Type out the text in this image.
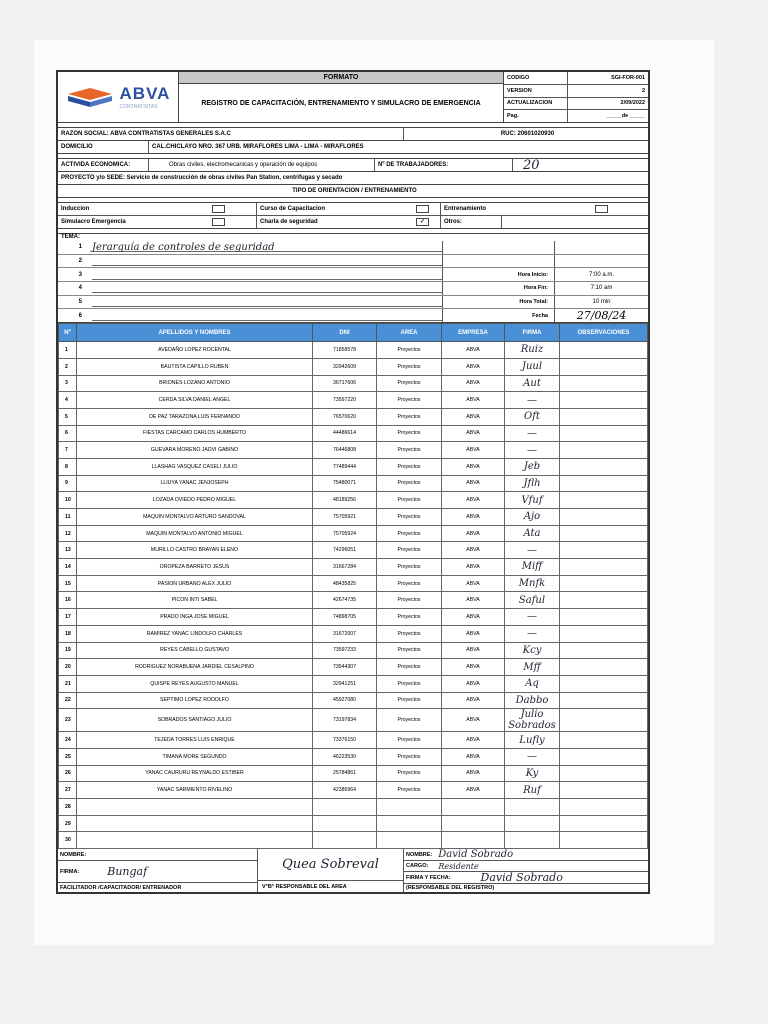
ABVA
CONTRATISTAS
FORMATO
REGISTRO DE CAPACITACIÓN, ENTRENAMIENTO Y SIMULACRO DE EMERGENCIA
CODIGO	SGI-FOR-001
VERSION	2
ACTUALIZACION	2/09/2022
Pag.	_____de _____
RAZON SOCIAL: ABVA CONTRATISTAS GENERALES S.A.C	RUC: 20601020930
DOMICILIO	CAL.CHICLAYO NRO. 367 URB. MIRAFLORES LIMA - LIMA - MIRAFLORES
ACTIVIDA ECONOMICA:	Obras civiles, electromecanicas y operación de equipos	Nº DE TRABAJADORES:	20
PROYECTO y/o SEDE: Servicio de construcción de obras civiles Pan Station, centrifugas y secado
TIPO DE ORIENTACION / ENTRENAMIENTO
Induccion	Curso de Capacitacion	Entrenamiento
Simulacro Emergencia	Charla de seguridad	✓	Otros:
TEMA:
1	Jerarquía de controles de seguridad
2
3	Hora Inicio:	7:00 a.m.
4	Hora Fin:	7:10 am
5	Hora Total:	10 min
6	Fecha	27/08/24
Nº	APELLIDOS Y NOMBRES	DNI	AREA	EMPRESA	FIRMA	OBSERVACIONES
1	AVEDAÑO LOPEZ ROCENTAL	71858578	Proyectos	ABVA	Ruiz	
2	BAUTISTA CAPILLO RUBEN	32942609	Proyectos	ABVA	Juul	
3	BRIONES LOZANO ANTONIO	36717606	Proyectos	ABVA	Aut	
4	CERDA SILVA DANIEL ANGEL	73597220	Proyectos	ABVA	—	
5	DE PAZ TARAZONA LUIS FERNANDO	76570620	Proyectos	ABVA	Oft	
6	FIESTAS CARCAMO CARLOS HUMBERTO	44486614	Proyectos	ABVA	—	
7	GUEVARA MORENO JADVI GABINO	76446808	Proyectos	ABVA	—	
8	LLASHAG VASQUEZ CASELI JULIO	77489444	Proyectos	ABVA	Jeb	
9	LLIUYA YANAC JENJOSEPH	75480071	Proyectos	ABVA	Jflh	
10	LOZADA OVIEDO PEDRO MIGUEL	48189256	Proyectos	ABVA	Vfuf	
11	MAQUIN MONTALVO ARTURO SANDOVAL	75705921	Proyectos	ABVA	Ajo	
12	MAQUIN MONTALVO ANTONIO MIGUEL	75705924	Proyectos	ABVA	Ata	
13	MURILLO CASTRO BRAYAN ELENO	74296051	Proyectos	ABVA	—	
14	OROPEZA BARRETO JESUS	31667284	Proyectos	ABVA	Miff	
15	PASION URBANO ALEX JULIO	48435825	Proyectos	ABVA	Mnfk	
16	PICON INTI SABEL	42674735	Proyectos	ABVA	Saful	
17	PRADO INGA JOSE MIGUEL	74898705	Proyectos	ABVA	—	
18	RAMIREZ YANAC LINDOLFO CHARLES	31672007	Proyectos	ABVA	—	
19	REYES CABELLO GUSTAVO	73597233	Proyectos	ABVA	Kcy	
20	RODRIGUEZ NORABUENA JARDIEL CESALPINO	73544307	Proyectos	ABVA	Mff	
21	QUISPE REYES AUGUSTO MANUEL	32941251	Proyectos	ABVA	Aq	
22	SEPTIMO LOPEZ RODOLFO	45927080	Proyectos	ABVA	Dabbo	
23	SOBRADOS SANTIAGO JULIO	73197834	Proyectos	ABVA	Julio Sobrados	
24	TEJEDA TORRES LUIS ENRIQUE	73376150	Proyectos	ABVA	Lufly	
25	TIMANA MORE SEGUNDO	46223530	Proyectos	ABVA	—	
26	YANAC CAURURU REYNALDO ESTIBER	25784861	Proyectos	ABVA	Ky	
27	YANAC SARMIENTO RIVELINO	42386964	Proyectos	ABVA	Ruf	
28						
29						
30						
NOMBRE:
FIRMA:	Bungaf
FACILITADOR /CAPACITADOR/ ENTRENADOR
Quea Sobreval
V°B° RESPONSABLE DEL AREA
NOMBRE: David Sobrado
CARGO: Residente
FIRMA Y FECHA:	David Sobrado
(RESPONSABLE DEL REGISTRO)
